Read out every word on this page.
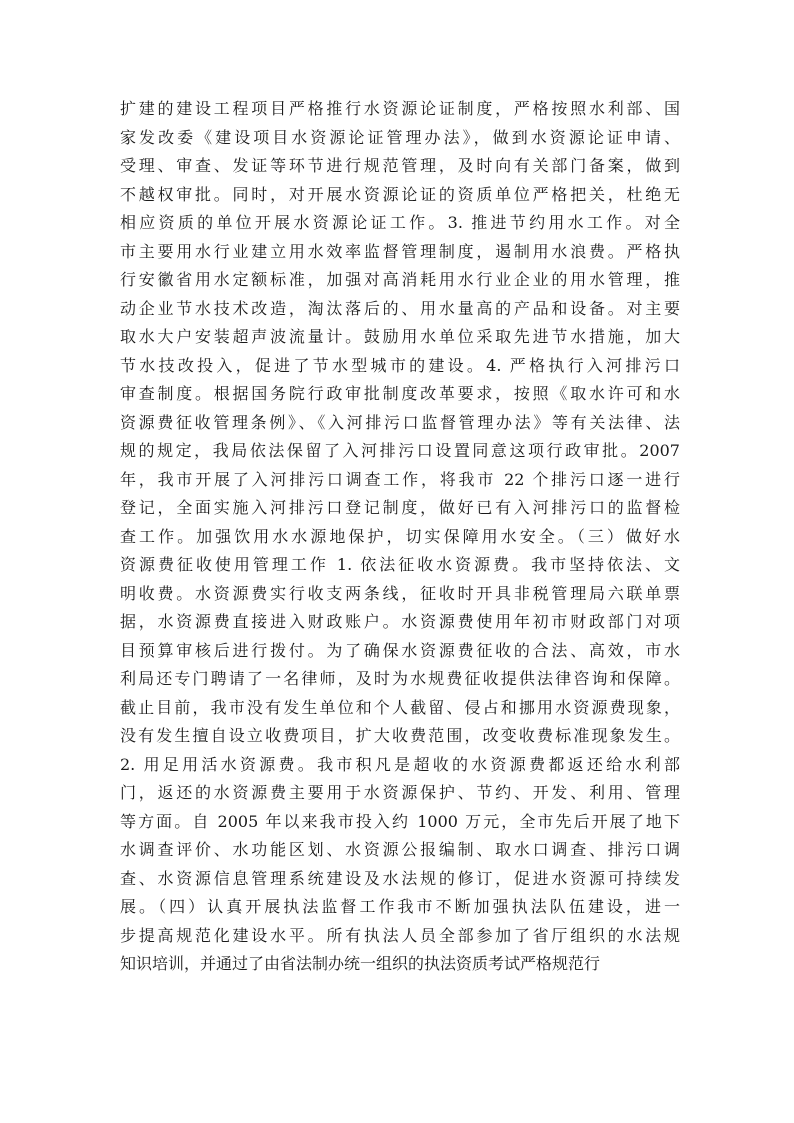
扩建的建设工程项目严格推行水资源论证制度，严格按照水利部、国
家发改委《建设项目水资源论证管理办法》，做到水资源论证申请、
受理、审查、发证等环节进行规范管理，及时向有关部门备案，做到
不越权审批。同时，对开展水资源论证的资质单位严格把关，杜绝无
相应资质的单位开展水资源论证工作。3. 推进节约用水工作。对全
市主要用水行业建立用水效率监督管理制度，遏制用水浪费。严格执
行安徽省用水定额标准，加强对高消耗用水行业企业的用水管理，推
动企业节水技术改造，淘汰落后的、用水量高的产品和设备。对主要
取水大户安装超声波流量计。鼓励用水单位采取先进节水措施，加大
节水技改投入，促进了节水型城市的建设。4. 严格执行入河排污口
审查制度。根据国务院行政审批制度改革要求，按照《取水许可和水
资源费征收管理条例》、《入河排污口监督管理办法》等有关法律、法
规的规定，我局依法保留了入河排污口设置同意这项行政审批。2007
年，我市开展了入河排污口调查工作，将我市 22 个排污口逐一进行
登记，全面实施入河排污口登记制度，做好已有入河排污口的监督检
查工作。加强饮用水水源地保护，切实保障用水安全。（三）做好水
资源费征收使用管理工作 1. 依法征收水资源费。我市坚持依法、文
明收费。水资源费实行收支两条线，征收时开具非税管理局六联单票
据，水资源费直接进入财政账户。水资源费使用年初市财政部门对项
目预算审核后进行拨付。为了确保水资源费征收的合法、高效，市水
利局还专门聘请了一名律师，及时为水规费征收提供法律咨询和保障。
截止目前，我市没有发生单位和个人截留、侵占和挪用水资源费现象，
没有发生擅自设立收费项目，扩大收费范围，改变收费标准现象发生。
2. 用足用活水资源费。我市积凡是超收的水资源费都返还给水利部
门，返还的水资源费主要用于水资源保护、节约、开发、利用、管理
等方面。自 2005 年以来我市投入约 1000 万元，全市先后开展了地下
水调查评价、水功能区划、水资源公报编制、取水口调查、排污口调
查、水资源信息管理系统建设及水法规的修订，促进水资源可持续发
展。（四）认真开展执法监督工作我市不断加强执法队伍建设，进一
步提高规范化建设水平。所有执法人员全部参加了省厅组织的水法规
知识培训，并通过了由省法制办统一组织的执法资质考试严格规范行
